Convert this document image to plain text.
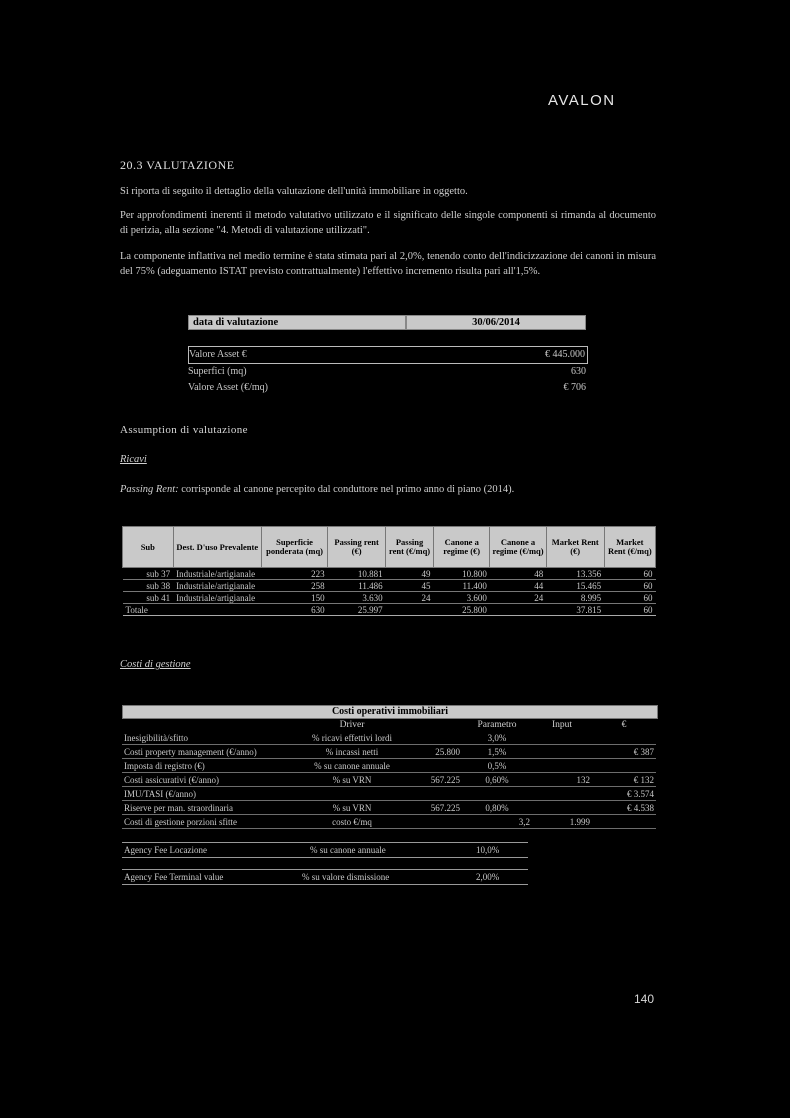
AVALON
20.3 VALUTAZIONE
Si riporta di seguito il dettaglio della valutazione dell'unità immobiliare in oggetto.
Per approfondimenti inerenti il metodo valutativo utilizzato e il significato delle singole componenti si rimanda al documento di perizia, alla sezione "4. Metodi di valutazione utilizzati".
La componente inflattiva nel medio termine è stata stimata pari al 2,0%, tenendo conto dell'indicizzazione dei canoni in misura del 75% (adeguamento ISTAT previsto contrattualmente) l'effettivo incremento risulta pari all'1,5%.
data di valutazione	30/06/2014
Valore Asset €	€ 445.000
Superfici (mq)	630
Valore Asset (€/mq)	€ 706
Assumption di valutazione
Ricavi
Passing Rent: corrisponde al canone percepito dal conduttore nel primo anno di piano (2014).
Sub	Dest. D'uso Prevalente	Superficie ponderata (mq)	Passing rent (€)	Passing rent (€/mq)	Canone a regime (€)	Canone a regime (€/mq)	Market Rent (€)	Market Rent (€/mq)
sub 37	Industriale/artigianale	223	10.881	49	10.800	48	13.356	60
sub 38	Industriale/artigianale	258	11.486	45	11.400	44	15.465	60
sub 41	Industriale/artigianale	150	3.630	24	3.600	24	8.995	60
Totale		630	25.997		25.800		37.815	60
Costi di gestione
Costi operativi immobiliari
	Driver		Parametro	Input	€
Inesigibilità/sfitto	% ricavi effettivi lordi		3,0%		
Costi property management (€/anno)	% incassi netti	25.800	1,5%		€ 387
Imposta di registro (€)	% su canone annuale		0,5%		
Costi assicurativi (€/anno)	% su VRN	567.225	0,60%	132	€ 132
IMU/TASI (€/anno)					€ 3.574
Riserve per man. straordinaria	% su VRN	567.225	0,80%		€ 4.538
Costi di gestione porzioni sfitte	costo €/mq		3,2	1.999	
Agency Fee Locazione	% su canone annuale	10,0%
Agency Fee Terminal value	% su valore dismissione	2,00%
140
